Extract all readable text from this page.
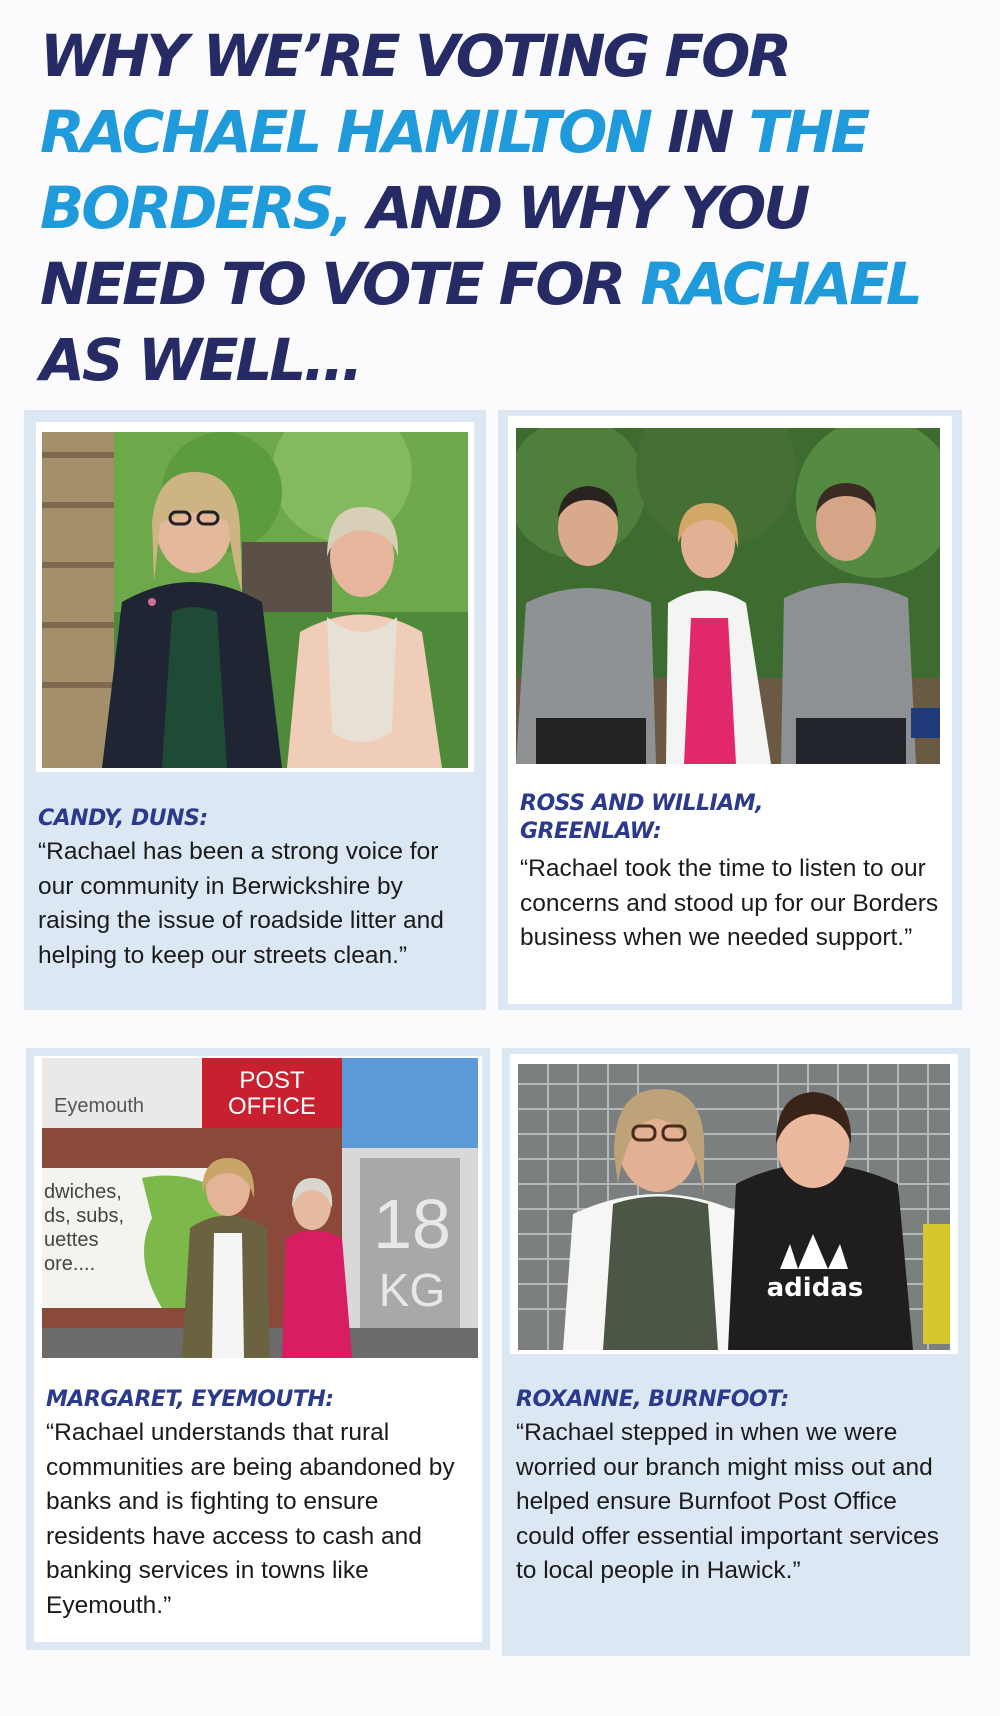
WHY WE’RE VOTING FOR
RACHAEL HAMILTON IN THE BORDERS, AND WHY YOU NEED TO VOTE FOR RACHAEL AS WELL...

CANDY, DUNS:

“Rachael has been a strong voice for our community in Berwickshire by raising the issue of roadside litter and helping to keep our streets clean.”

ROSS AND WILLIAM, GREENLAW:

“Rachael took the time to listen to our concerns and stood up for our Borders business when we needed support.”

POST
OFFICE
Eyemouth
dwiches,
ds, subs,
uettes
ore....
18
KG

MARGARET, EYEMOUTH:

“Rachael understands that rural communities are being abandoned by banks and is fighting to ensure residents have access to cash and banking services in towns like Eyemouth.”

adidas

ROXANNE, BURNFOOT:

“Rachael stepped in when we were worried our branch might miss out and helped ensure Burnfoot Post Office could offer essential important services to local people in Hawick.”
